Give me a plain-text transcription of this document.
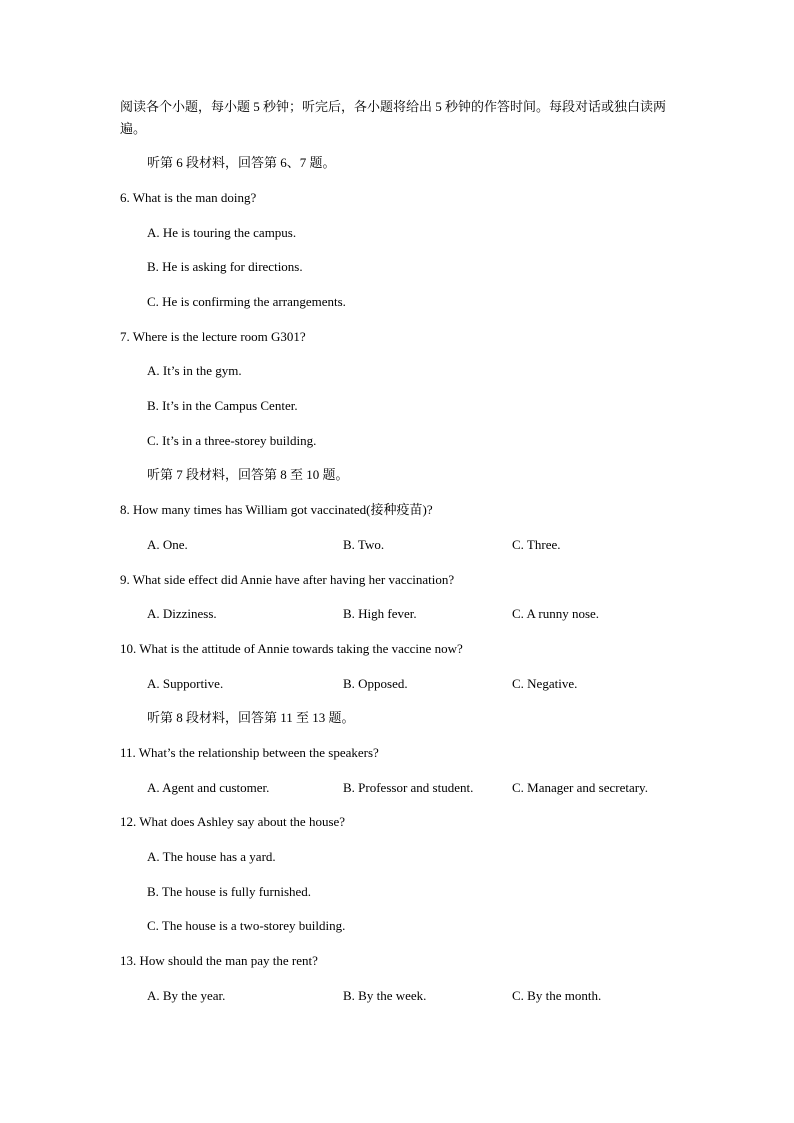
阅读各个小题，每小题 5 秒钟；听完后，各小题将给出 5 秒钟的作答时间。每段对话或独白读两遍。
听第 6 段材料，回答第 6、7 题。
6. What is the man doing?
A. He is touring the campus.
B. He is asking for directions.
C. He is confirming the arrangements.
7. Where is the lecture room G301?
A. It’s in the gym.
B. It’s in the Campus Center.
C. It’s in a three-storey building.
听第 7 段材料，回答第 8 至 10 题。
8. How many times has William got vaccinated(接种疫苗)?
A. One.	B. Two.	C. Three.
9. What side effect did Annie have after having her vaccination?
A. Dizziness.	B. High fever.	C. A runny nose.
10. What is the attitude of Annie towards taking the vaccine now?
A. Supportive.	B. Opposed.	C. Negative.
听第 8 段材料，回答第 11 至 13 题。
11. What’s the relationship between the speakers?
A. Agent and customer.	B. Professor and student.	C. Manager and secretary.
12. What does Ashley say about the house?
A. The house has a yard.
B. The house is fully furnished.
C. The house is a two-storey building.
13. How should the man pay the rent?
A. By the year.	B. By the week.	C. By the month.
